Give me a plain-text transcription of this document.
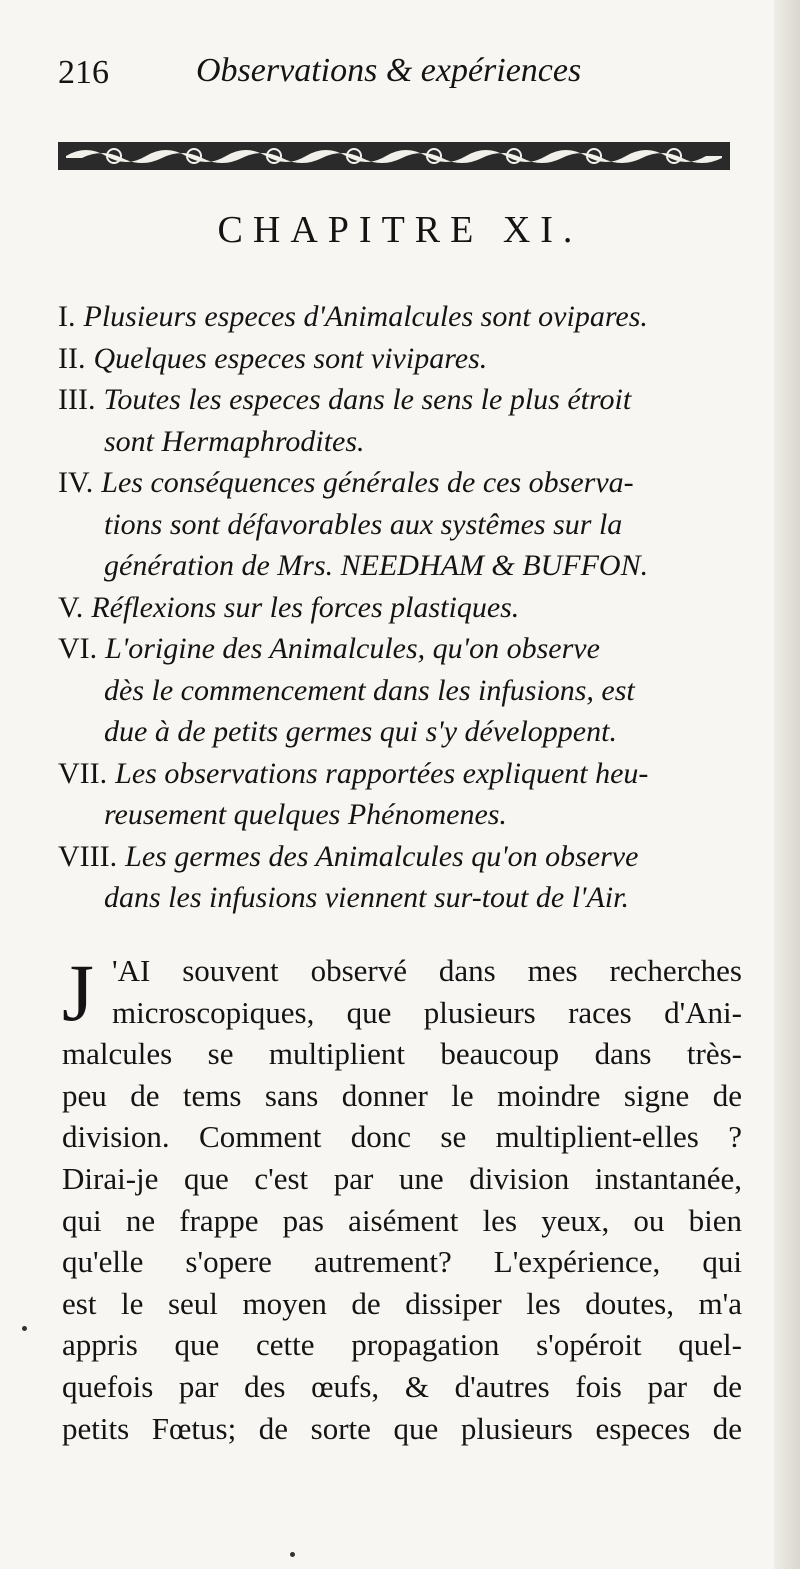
216	Observations & expériences
CHAPITRE XI.
I. Plusieurs especes d'Animalcules sont ovipares.
II. Quelques especes sont vivipares.
III. Toutes les especes dans le sens le plus étroit
sont Hermaphrodites.
IV. Les conséquences générales de ces observa-
tions sont défavorables aux systêmes sur la
génération de Mrs. NEEDHAM & BUFFON.
V. Réflexions sur les forces plastiques.
VI. L'origine des Animalcules, qu'on observe
dès le commencement dans les infusions, est
due à de petits germes qui s'y développent.
VII. Les observations rapportées expliquent heu-
reusement quelques Phénomenes.
VIII. Les germes des Animalcules qu'on observe
dans les infusions viennent sur-tout de l'Air.
J 'AI souvent observé dans mes recherches
microscopiques, que plusieurs races d'Ani-
malcules se multiplient beaucoup dans très-
peu de tems sans donner le moindre signe de
division. Comment donc se multiplient-elles ?
Dirai-je que c'est par une division instantanée,
qui ne frappe pas aisément les yeux, ou bien
qu'elle s'opere autrement? L'expérience, qui
est le seul moyen de dissiper les doutes, m'a
appris que cette propagation s'opéroit quel-
quefois par des œufs, & d'autres fois par de
petits Fœtus; de sorte que plusieurs especes de
